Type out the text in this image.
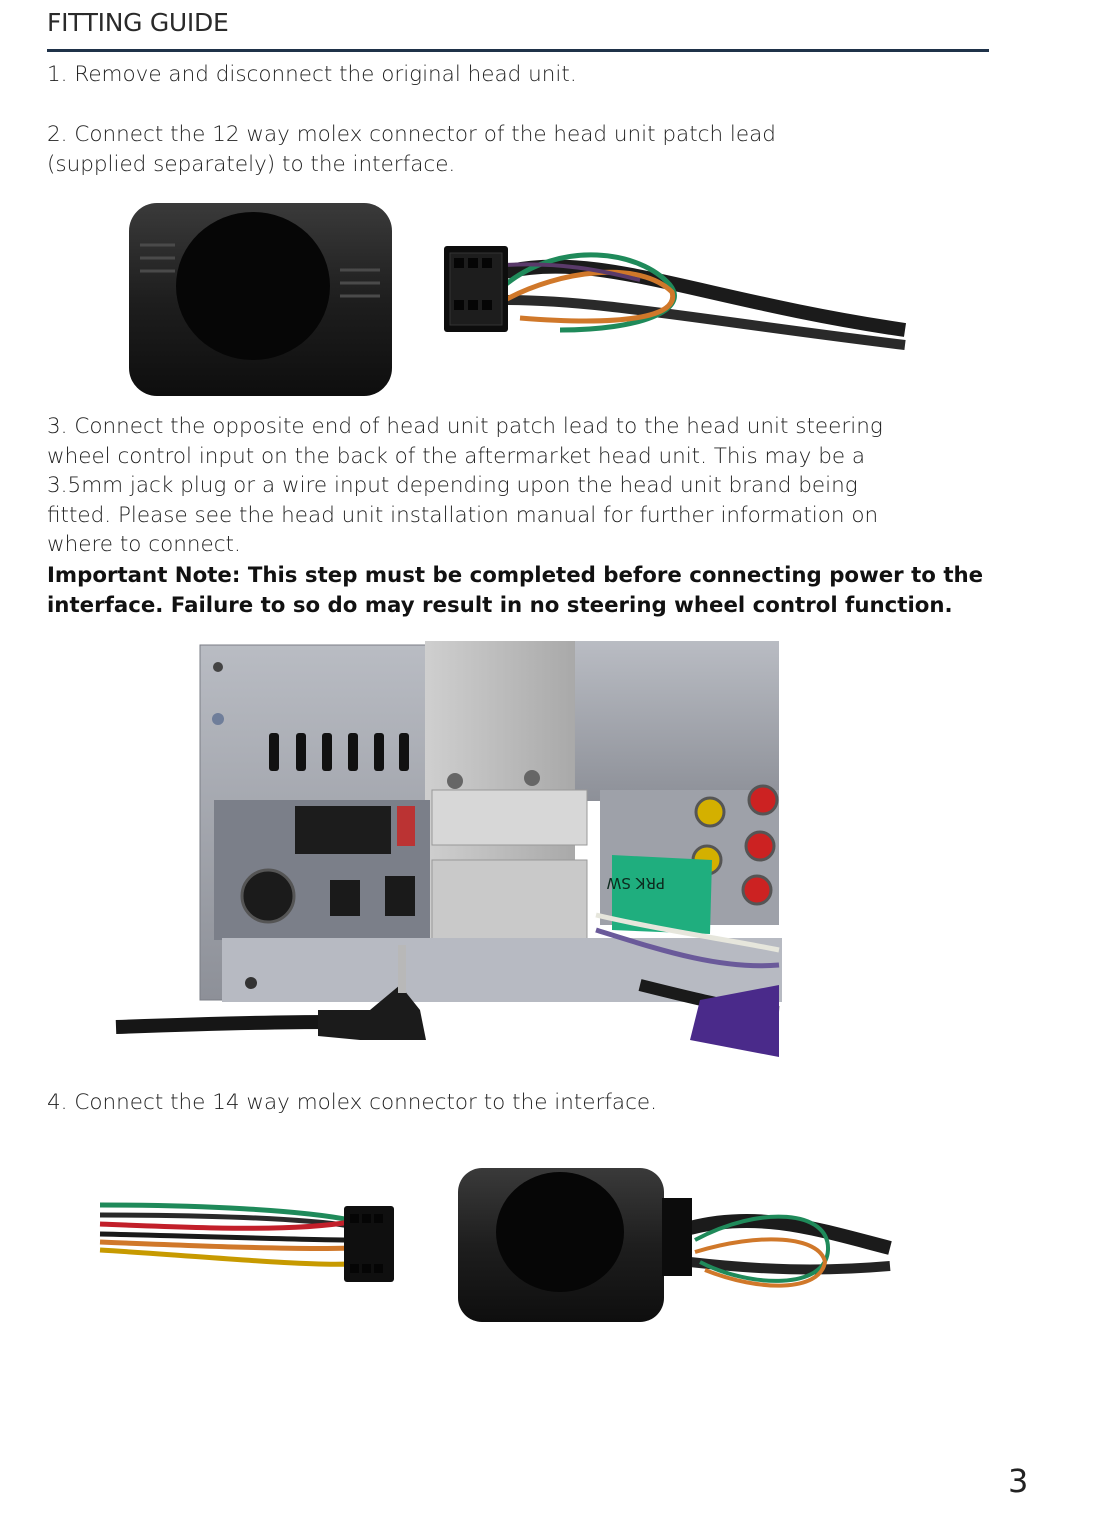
FITTING GUIDE

1. Remove and disconnect the original head unit.

2. Connect the 12 way molex connector of the head unit patch lead

(supplied separately) to the interface.

PRK SW

3. Connect the opposite end of head unit patch lead to the head unit steering

wheel control input on the back of the aftermarket head unit. This may be a

3.5mm jack plug or a wire input depending upon the head unit brand being

fitted. Please see the head unit installation manual for further information on

where to connect.

Important Note: This step must be completed before connecting power to the
interface. Failure to so do may result in no steering wheel control function.

4. Connect the 14 way molex connector to the interface.

3
